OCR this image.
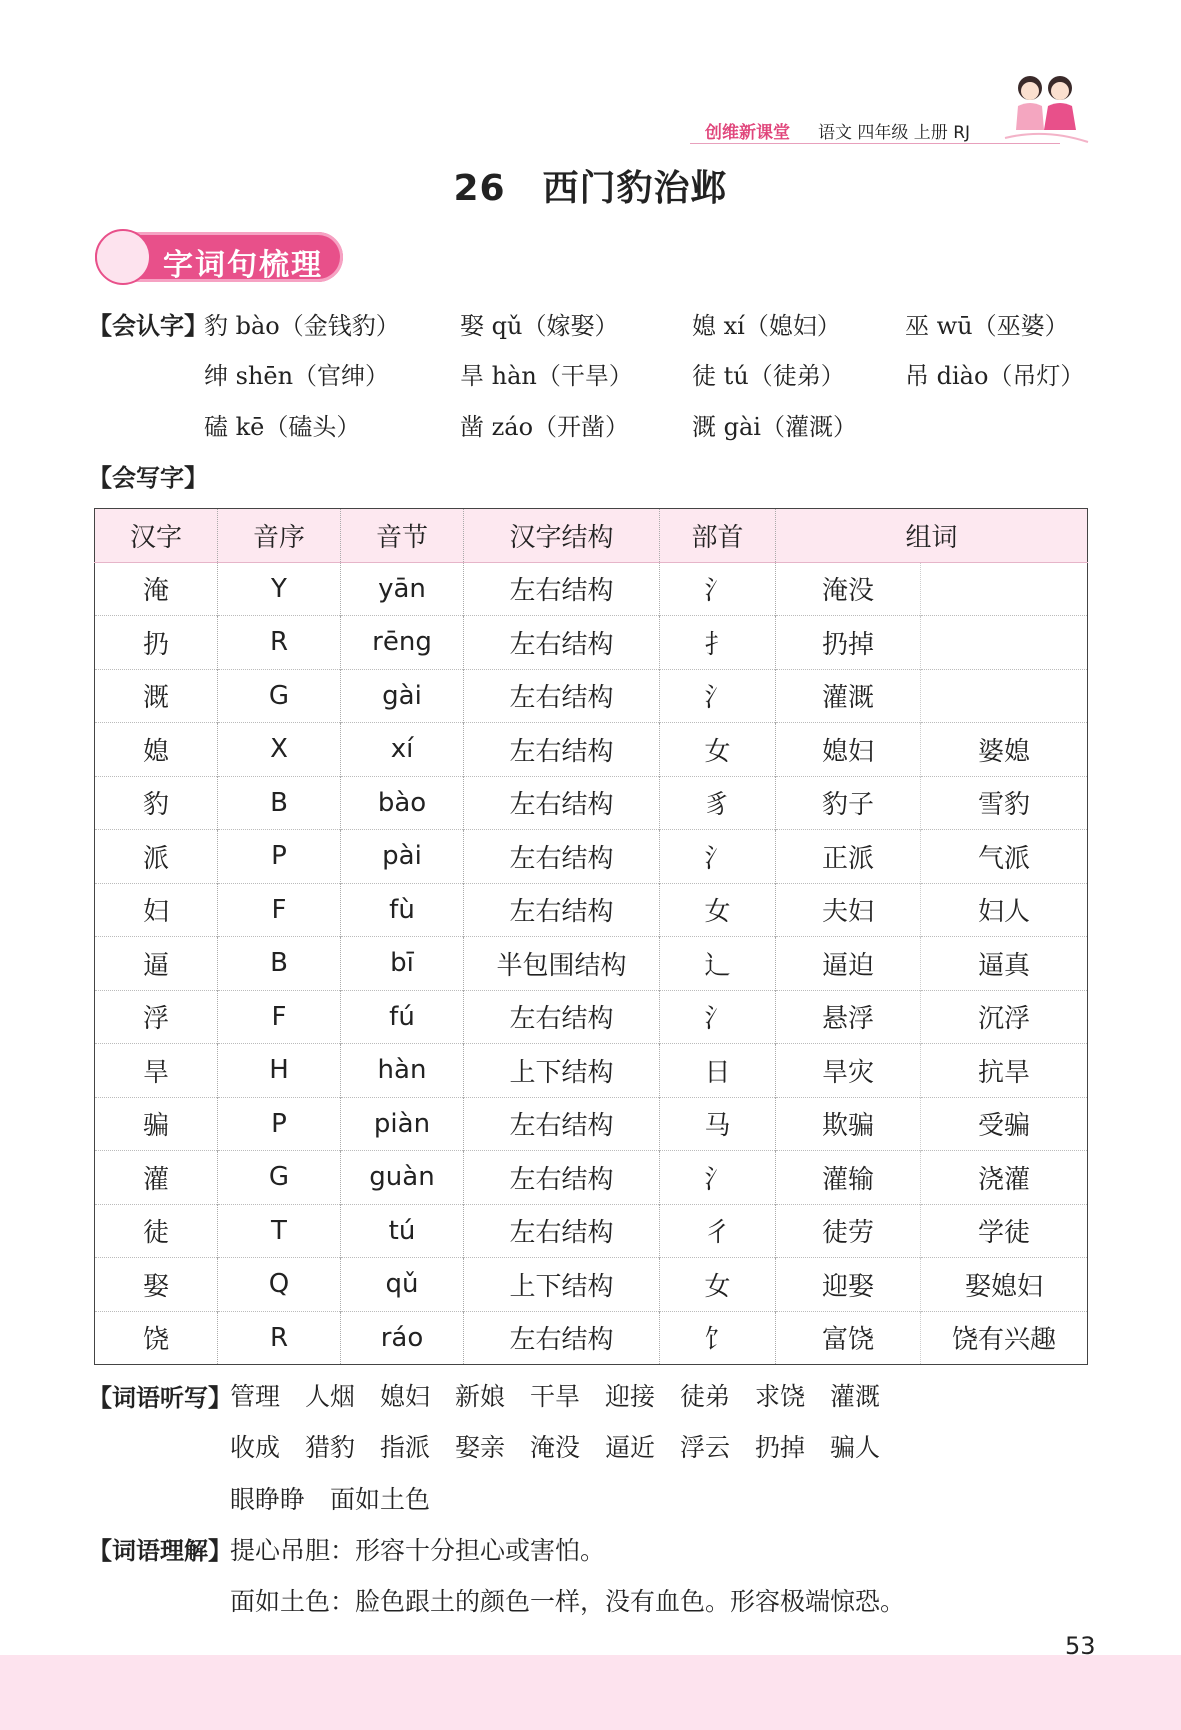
创维新课堂 语文 四年级 上册 RJ
26　西门豹治邺
字词句梳理
【会认字】
豹 bào（金钱豹）	娶 qǔ（嫁娶）	媳 xí（媳妇）	巫 wū（巫婆）
绅 shēn（官绅）	旱 hàn（干旱） 徒 tú（徒弟）	吊 diào（吊灯）
磕 kē（磕头）	凿 záo（开凿）	溉 gài（灌溉）
【会写字】
汉字	音序	音节	汉字结构	部首	组词	
淹	Y	yān	左右结构	氵	淹没	
扔	R	rēng	左右结构	扌	扔掉	
溉	G	gài	左右结构	氵	灌溉	
媳	X	xí	左右结构	女	媳妇	婆媳
豹	B	bào	左右结构	豸	豹子	雪豹
派	P	pài	左右结构	氵	正派	气派
妇	F	fù	左右结构	女	夫妇	妇人
逼	B	bī	半包围结构	辶	逼迫	逼真
浮	F	fú	左右结构	氵	悬浮	沉浮
旱	H	hàn	上下结构	日	旱灾	抗旱
骗	P	piàn	左右结构	马	欺骗	受骗
灌	G	guàn	左右结构	氵	灌输	浇灌
徒	T	tú	左右结构	彳	徒劳	学徒
娶	Q	qǔ	上下结构	女	迎娶	娶媳妇
饶	R	ráo	左右结构	饣	富饶	饶有兴趣
【词语听写】
管理　人烟　媳妇　新娘　干旱　迎接　徒弟　求饶　灌溉
收成　猎豹　指派　娶亲　淹没　逼近　浮云　扔掉　骗人
眼睁睁　面如土色
【词语理解】
提心吊胆：形容十分担心或害怕。
面如土色：脸色跟土的颜色一样，没有血色。形容极端惊恐。
53
